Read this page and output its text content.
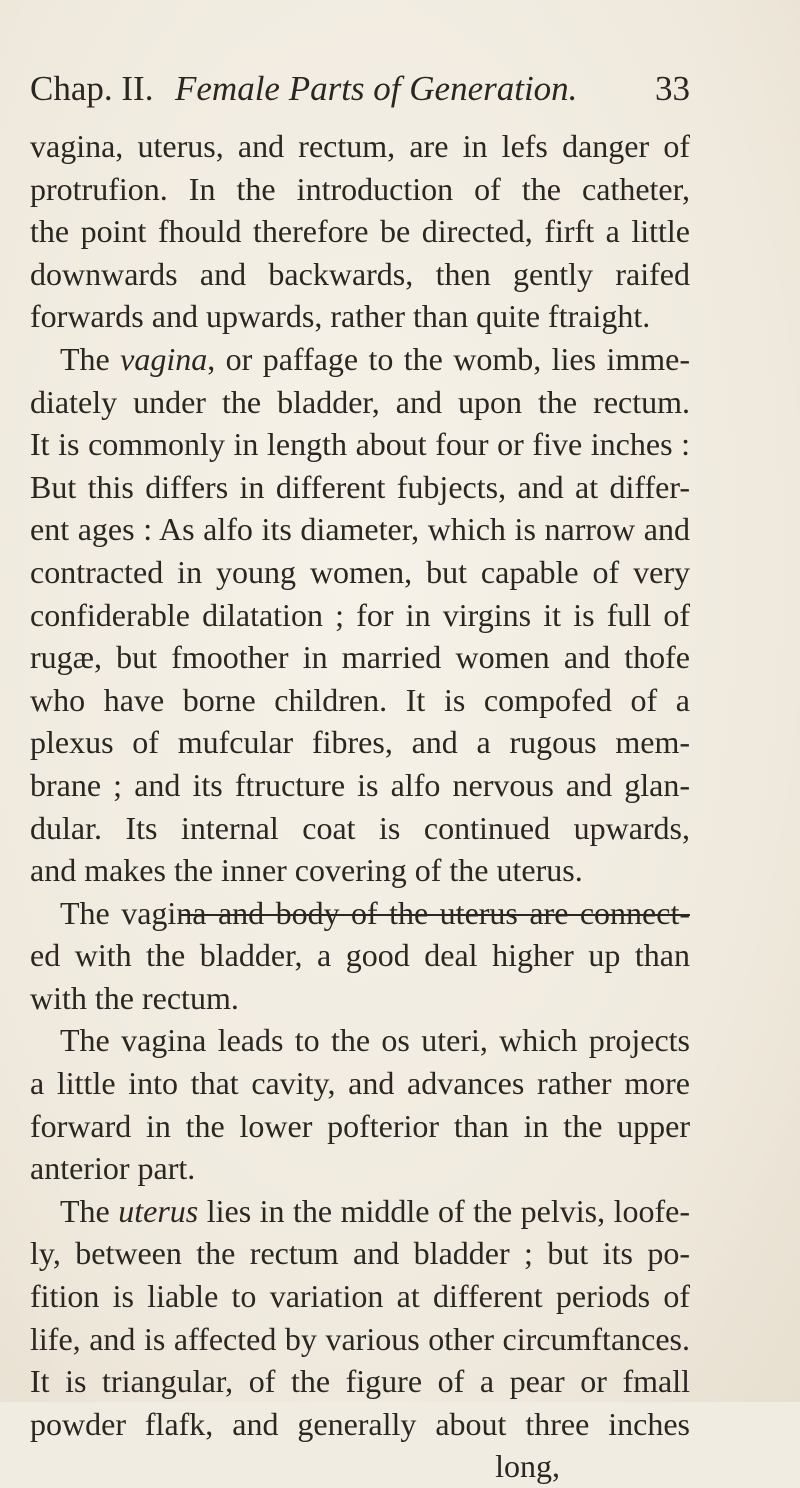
Chap. II. Female Parts of Generation. 33
vagina, uterus, and rectum, are in lefs danger of
protrufion. In the introduction of the catheter,
the point fhould therefore be directed, firft a little
downwards and backwards, then gently raifed
forwards and upwards, rather than quite ftraight.
The vagina, or paffage to the womb, lies imme-
diately under the bladder, and upon the rectum.
It is commonly in length about four or five inches :
But this differs in different fubjects, and at differ-
ent ages : As alfo its diameter, which is narrow and
contracted in young women, but capable of very
confiderable dilatation ; for in virgins it is full of
rugæ, but fmoother in married women and thofe
who have borne children. It is compofed of a
plexus of mufcular fibres, and a rugous mem-
brane ; and its ftructure is alfo nervous and glan-
dular. Its internal coat is continued upwards,
and makes the inner covering of the uterus.
The vagina and body of the uterus are connect-
ed with the bladder, a good deal higher up than
with the rectum.
The vagina leads to the os uteri, which projects
a little into that cavity, and advances rather more
forward in the lower pofterior than in the upper
anterior part.
The uterus lies in the middle of the pelvis, loofe-
ly, between the rectum and bladder ; but its po-
fition is liable to variation at different periods of
life, and is affected by various other circumftances.
It is triangular, of the figure of a pear or fmall
powder flafk, and generally about three inches
long,
